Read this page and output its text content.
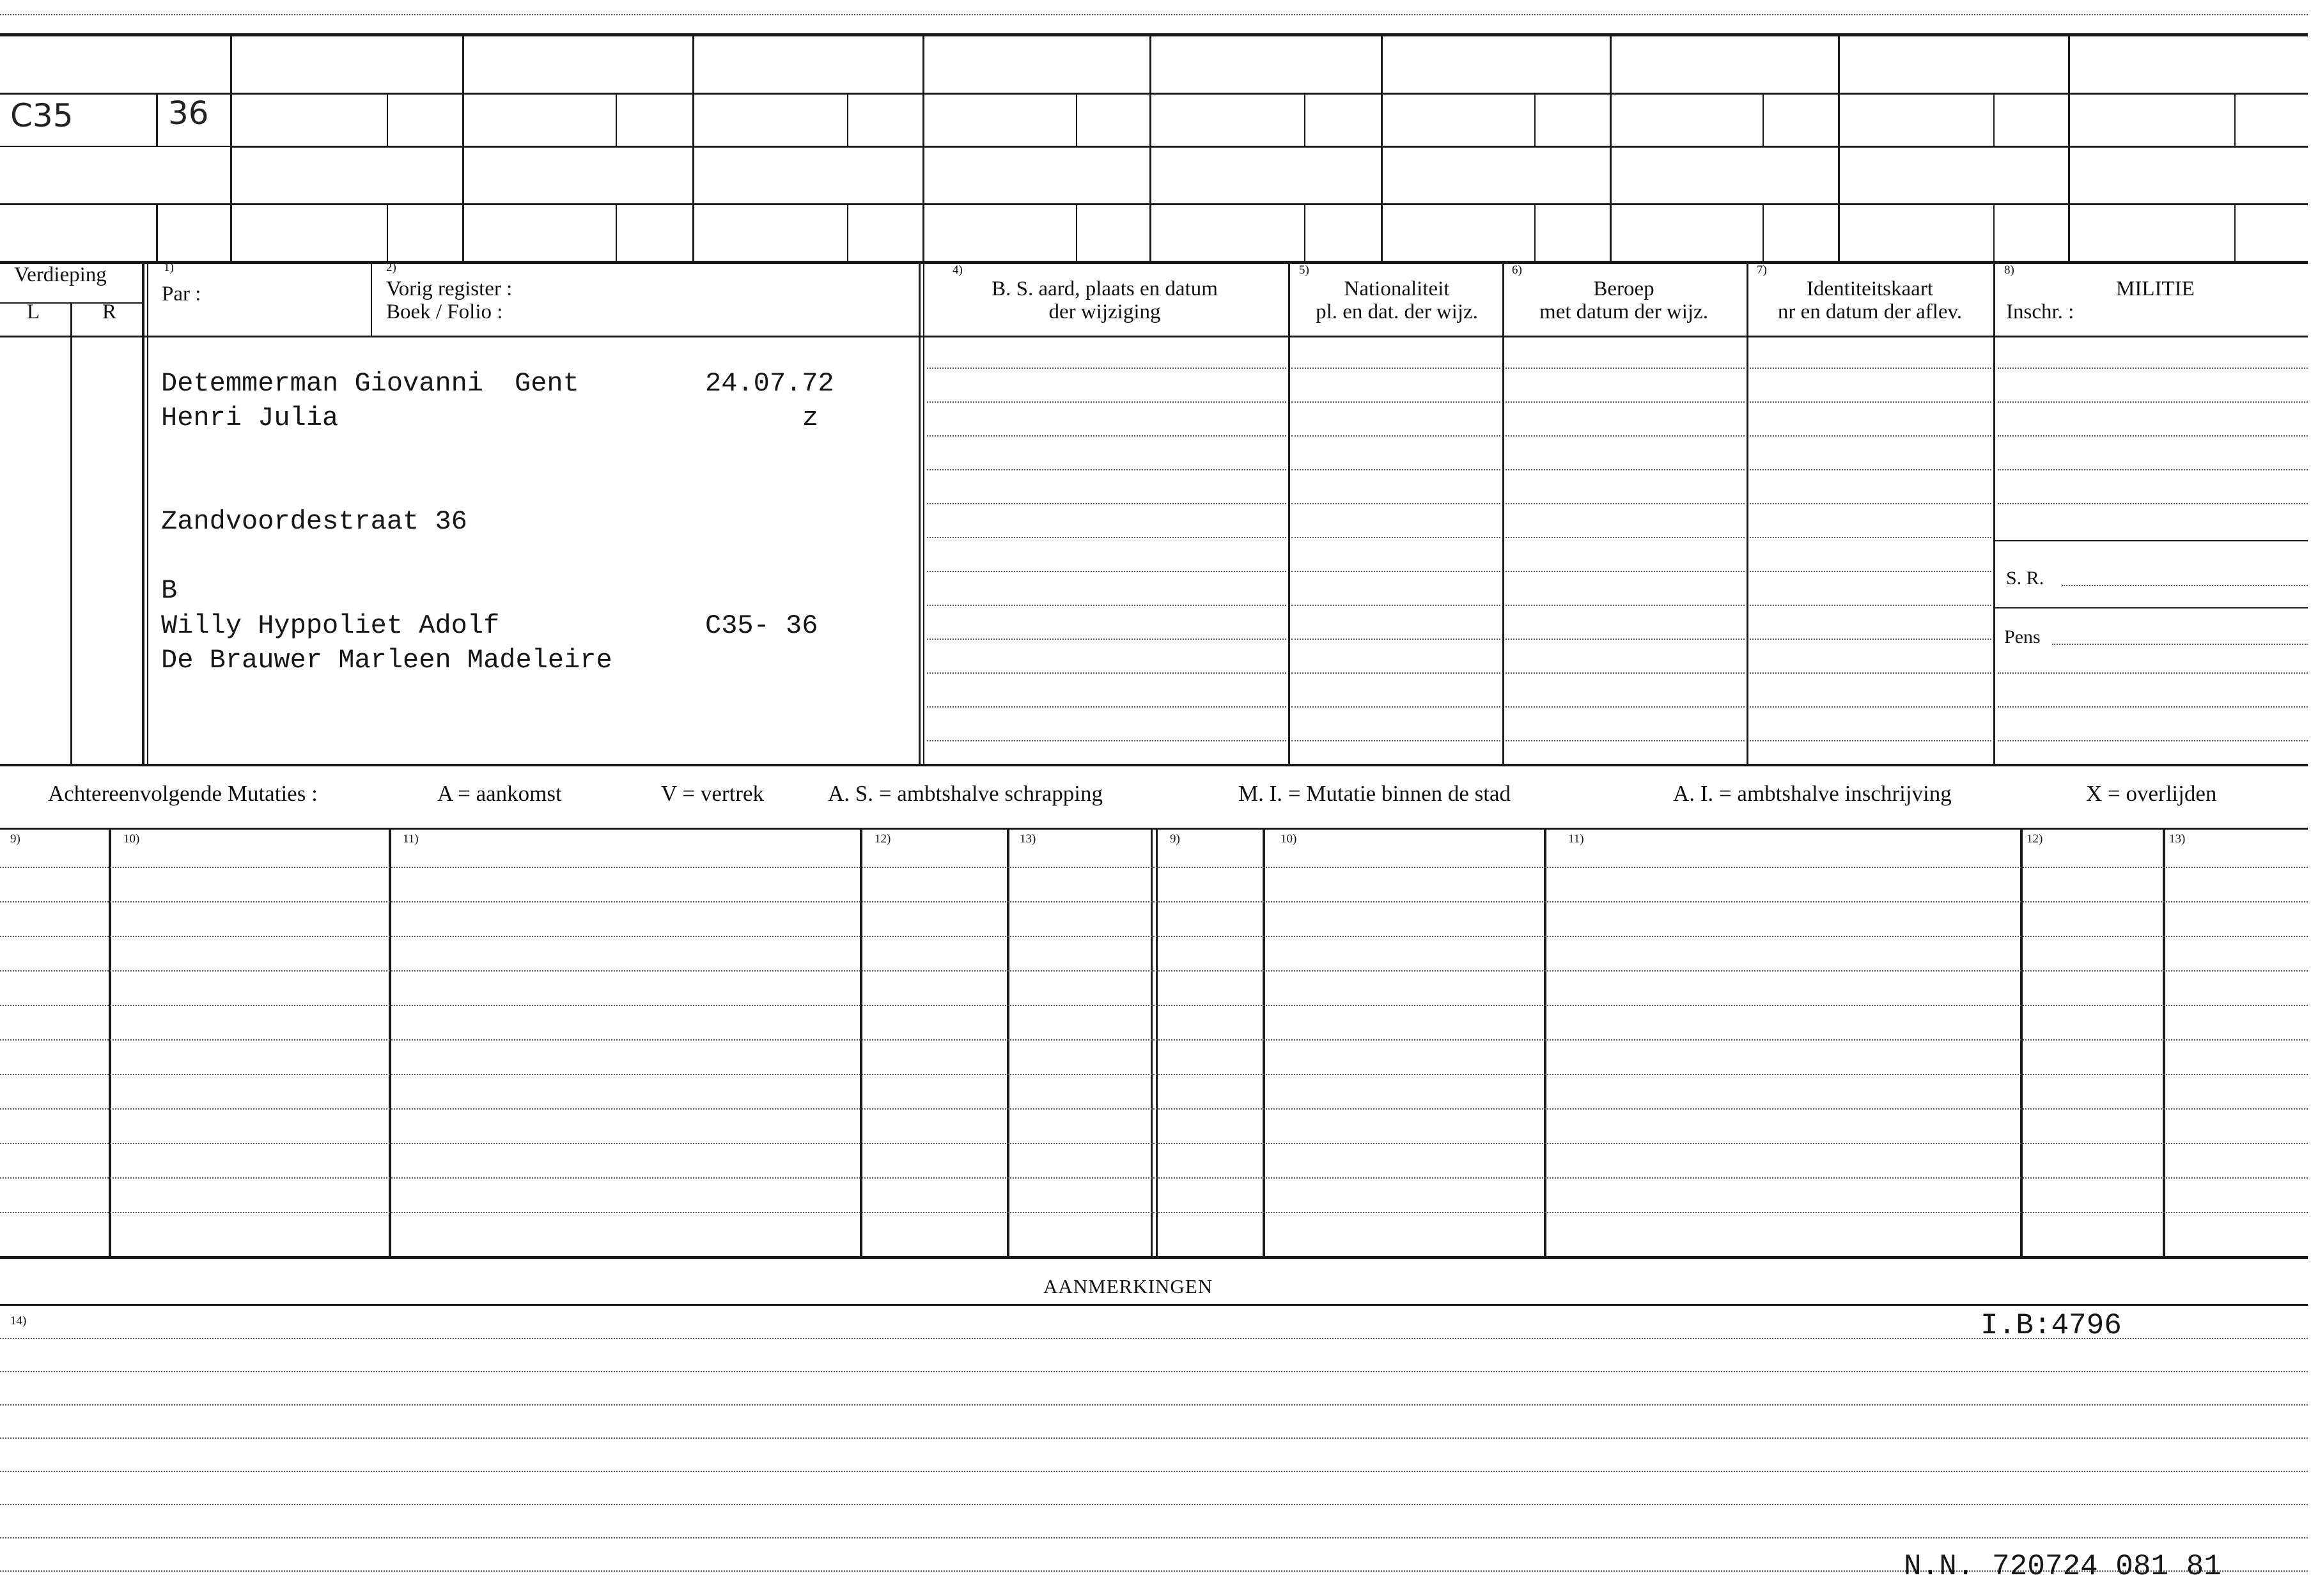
C35	36
Verdieping
L	R
1)
Par :
2)
Vorig register :
Boek / Folio :
4)
B. S. aard, plaats en datum
der wijziging
5)
Nationaliteit
pl. en dat. der wijz.
6)
Beroep
met datum der wijz.
7)
Identiteitskaart
nr en datum der aflev.
8)
MILITIE
Inschr. :
S. R.
Pens
Detemmerman Giovanni Gent	24.07.72
Henri Julia	z
Zandvoordestraat 36
B
Willy Hyppoliet Adolf	C35- 36
De Brauwer Marleen Madeleire
Achtereenvolgende Mutaties :	A = aankomst	V = vertrek	A. S. = ambtshalve schrapping	M. I. = Mutatie binnen de stad	A. I. = ambtshalve inschrijving	X = overlijden
9)	10)	11)	12)	13)	9)	10)	11)	12)	13)
AANMERKINGEN
14)	I.B:4796
N.N. 720724 081 81
